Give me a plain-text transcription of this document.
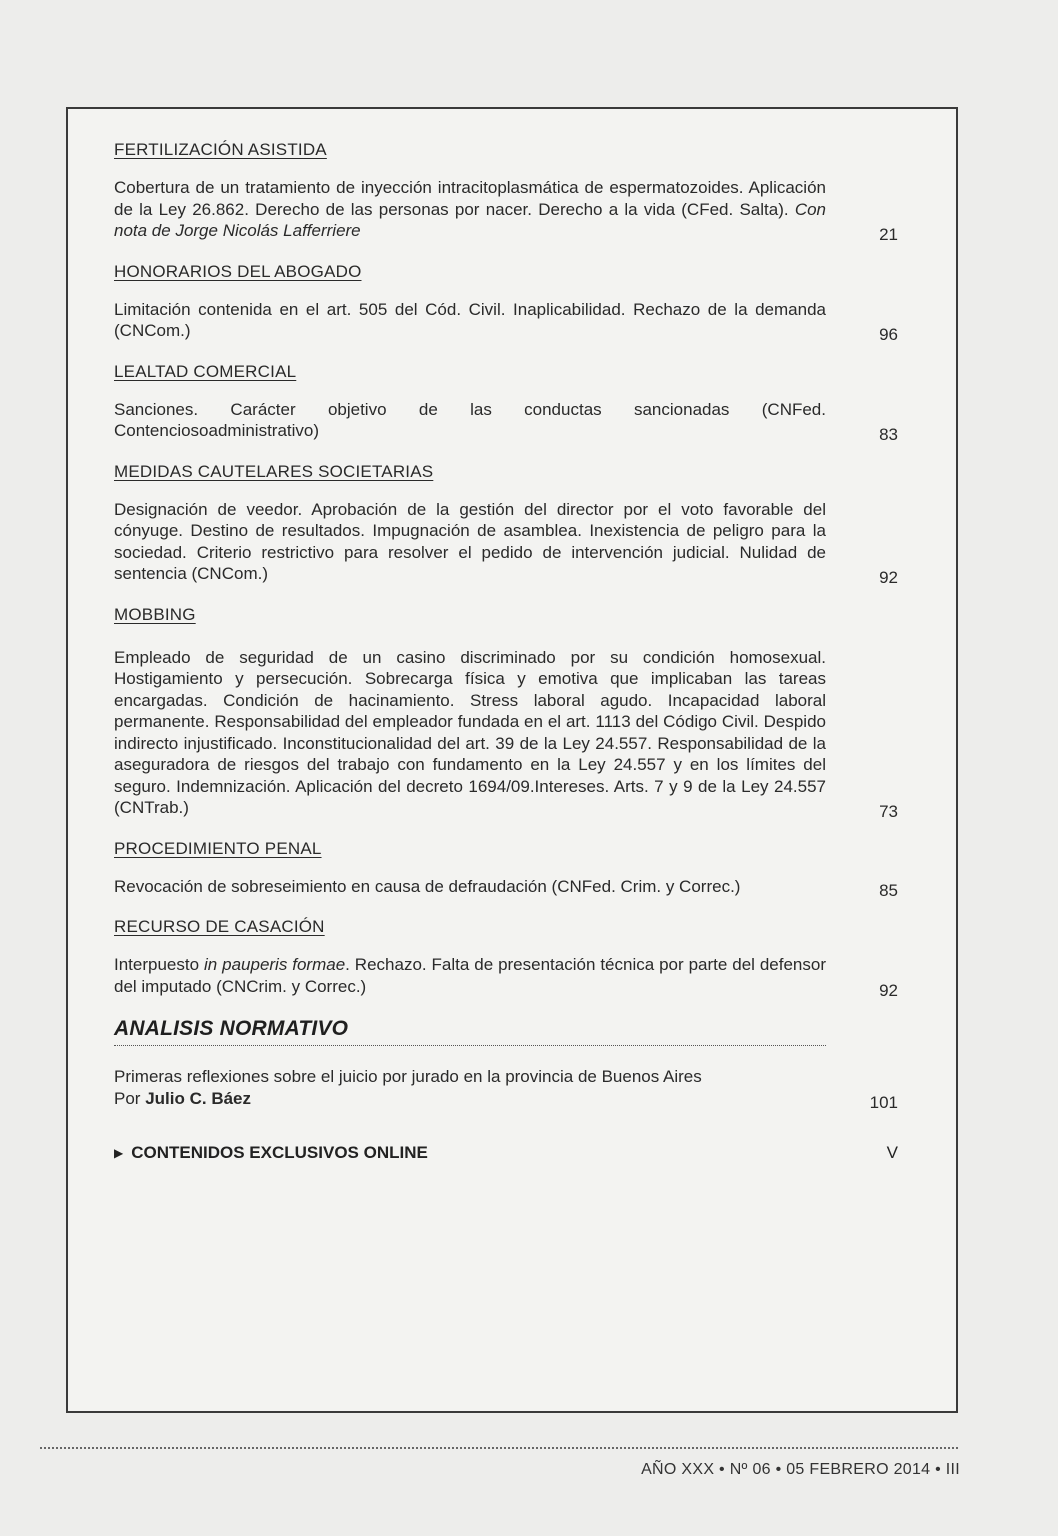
FERTILIZACIÓN ASISTIDA

Cobertura de un tratamiento de inyección intracitoplasmática de espermatozoides. Aplicación de la Ley 26.862. Derecho de las personas por nacer. Derecho a la vida (CFed. Salta). Con nota de Jorge Nicolás Lafferriere	21

HONORARIOS DEL ABOGADO

Limitación contenida en el art. 505 del Cód. Civil. Inaplicabilidad. Rechazo de la demanda (CNCom.)	96

LEALTAD COMERCIAL

Sanciones. Carácter objetivo de las conductas sancionadas (CNFed. Contenciosoadministrativo)	83

MEDIDAS CAUTELARES SOCIETARIAS

Designación de veedor. Aprobación de la gestión del director por el voto favorable del cónyuge. Destino de resultados. Impugnación de asamblea. Inexistencia de peligro para la sociedad. Criterio restrictivo para resolver el pedido de intervención judicial. Nulidad de sentencia (CNCom.)	92

MOBBING

Empleado de seguridad de un casino discriminado por su condición homosexual. Hostigamiento y persecución. Sobrecarga física y emotiva que implicaban las tareas encargadas. Condición de hacinamiento. Stress laboral agudo. Incapacidad laboral permanente. Responsabilidad del empleador fundada en el art. 1113 del Código Civil. Despido indirecto injustificado. Inconstitucionalidad del art. 39 de la Ley 24.557. Responsabilidad de la aseguradora de riesgos del trabajo con fundamento en la Ley 24.557 y en los límites del seguro. Indemnización. Aplicación del decreto 1694/09.Intereses. Arts. 7 y 9 de la Ley 24.557 (CNTrab.)	73

PROCEDIMIENTO PENAL

Revocación de sobreseimiento en causa de defraudación (CNFed. Crim. y Correc.)	85

RECURSO DE CASACIÓN

Interpuesto in pauperis formae. Rechazo. Falta de presentación técnica por parte del defensor del imputado (CNCrim. y Correc.)	92
ANALISIS NORMATIVO
Primeras reflexiones sobre el juicio por jurado en la provincia de Buenos Aires
Por Julio C. Báez	101
▶ CONTENIDOS EXCLUSIVOS ONLINE	V
AÑO XXX • Nº 06 • 05 FEBRERO 2014 • III
